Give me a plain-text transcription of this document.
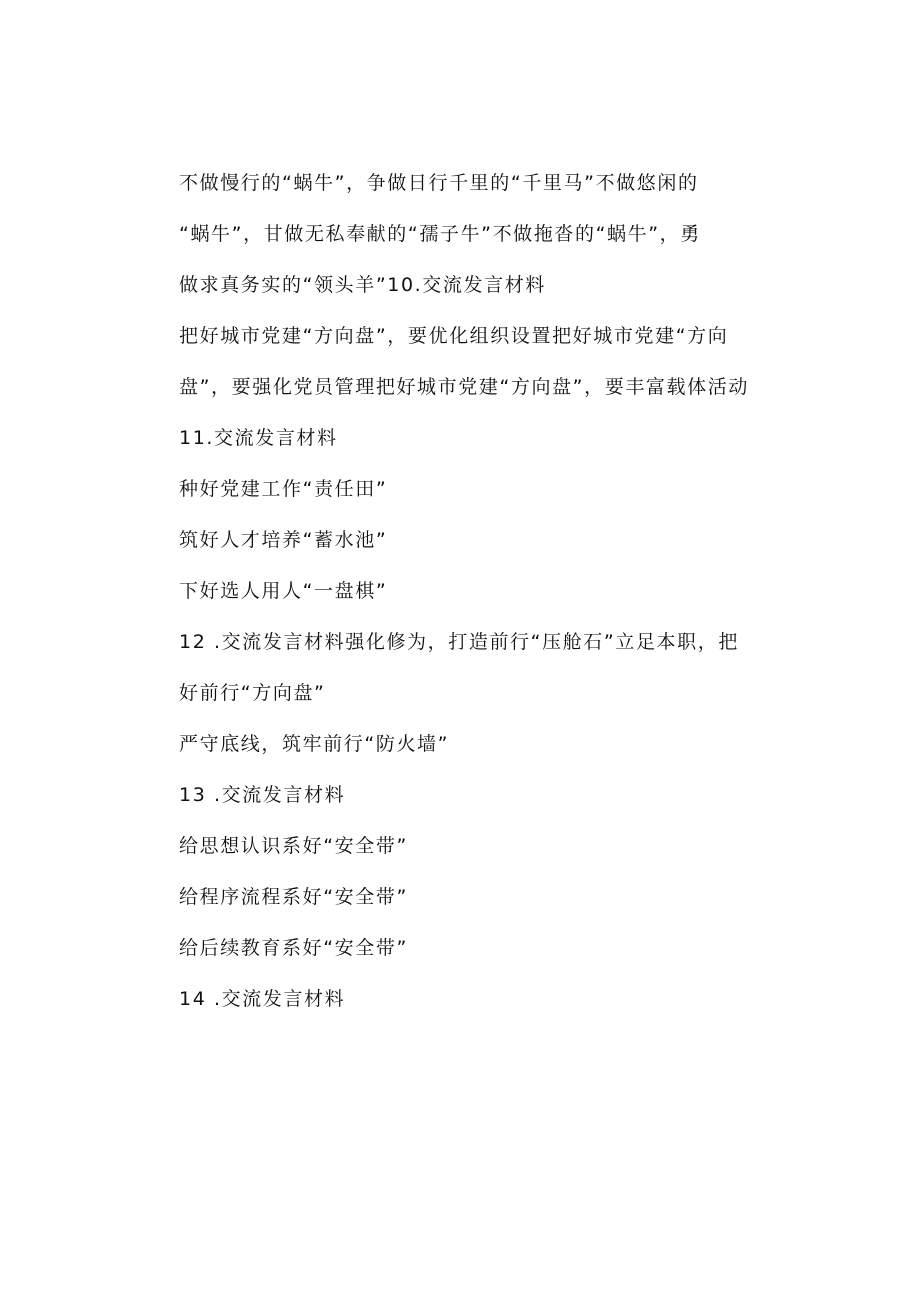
不做慢行的“蜗牛”，争做日行千里的“千里马”不做悠闲的
“蜗牛”，甘做无私奉献的“孺子牛”不做拖沓的“蜗牛”，勇
做求真务实的“领头羊”10.交流发言材料
把好城市党建“方向盘”，要优化组织设置把好城市党建“方向
盘”，要强化党员管理把好城市党建“方向盘”，要丰富载体活动
11.交流发言材料
种好党建工作“责任田”
筑好人才培养“蓄水池”
下好选人用人“一盘棋”
12 .交流发言材料强化修为，打造前行“压舱石”立足本职，把
好前行“方向盘”
严守底线，筑牢前行“防火墙”
13 .交流发言材料
给思想认识系好“安全带”
给程序流程系好“安全带”
给后续教育系好“安全带”
14 .交流发言材料
